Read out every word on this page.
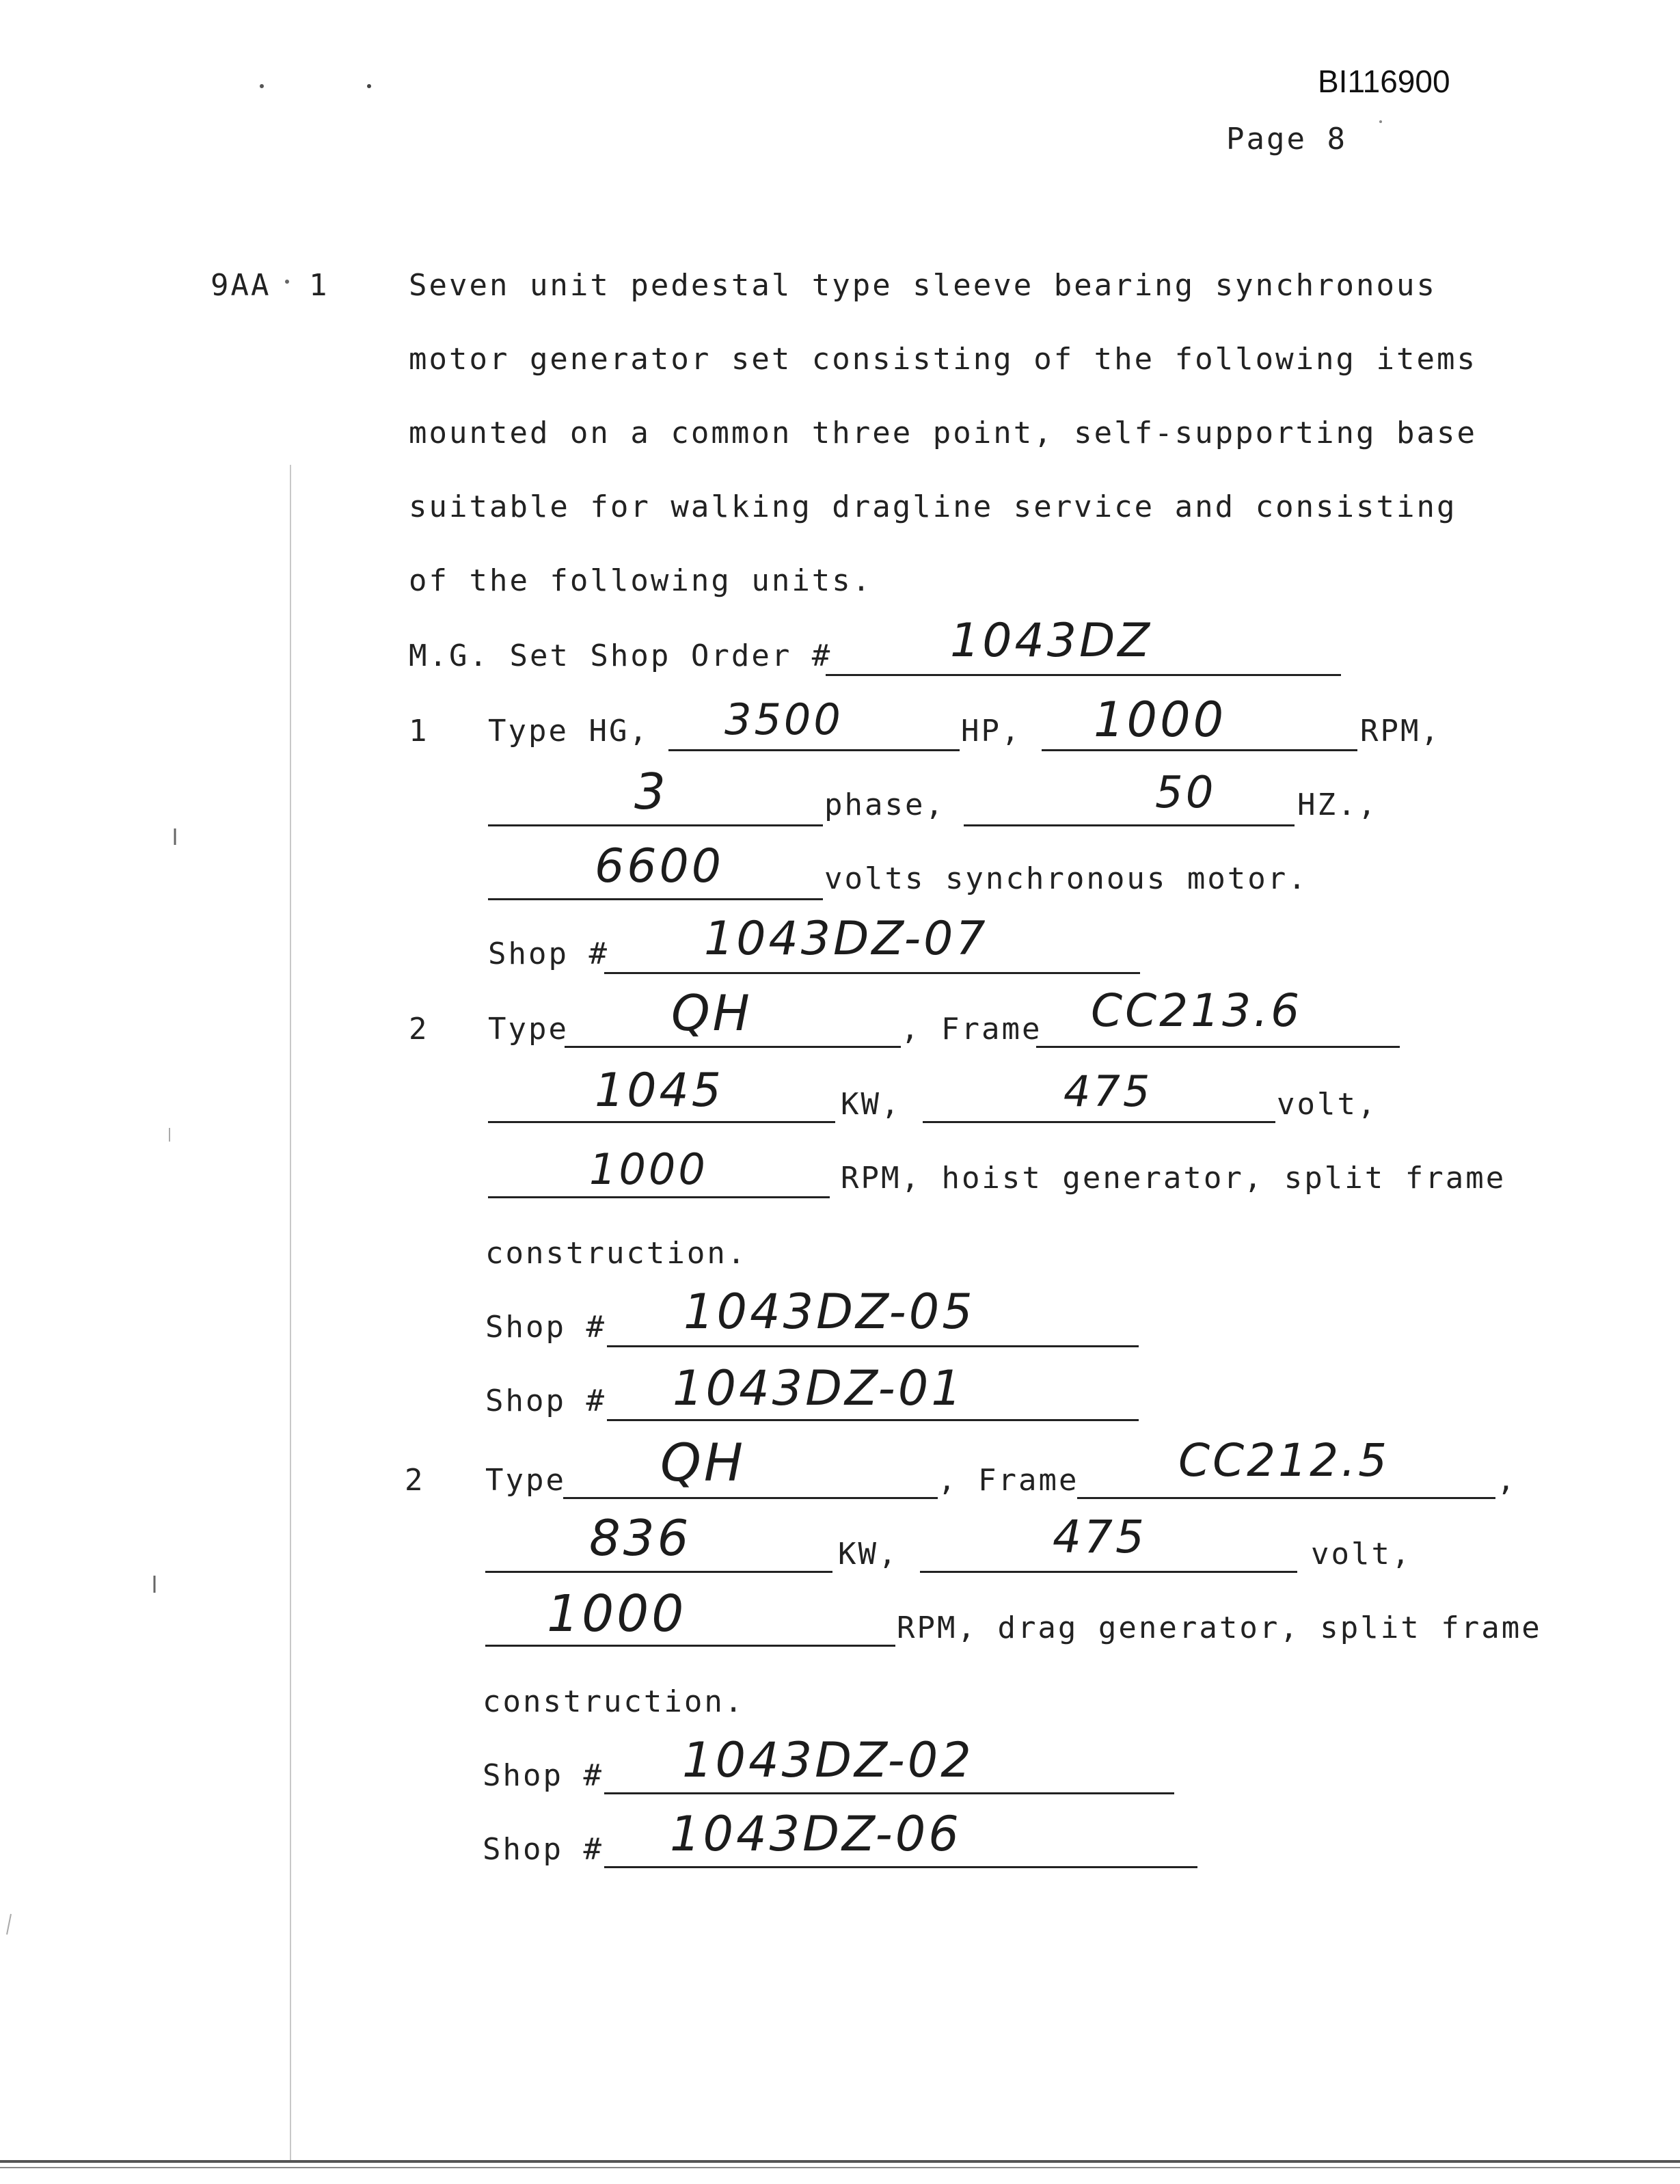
BI116900
Page 8
9AA 1	Seven unit pedestal type sleeve bearing synchronous
motor generator set consisting of the following items
mounted on a common three point, self-supporting base
suitable for walking dragline service and consisting
of the following units.
M.G. Set Shop Order #	1043DZ
1 Type HG, 3500	HP, 1000	RPM,
3	phase,	50	HZ.,
6600	volts synchronous motor.
Shop # 1043DZ-07
2 Type QH	, Frame CC213.6
1045	KW,	475	volt,
1000	RPM, hoist generator, split frame
construction.
Shop # 1043DZ-05
Shop # 1043DZ-01
2 Type QH	, Frame CC212.5	,
836	KW,	475	volt,
1000	RPM, drag generator, split frame
construction.
Shop # 1043DZ-02
Shop # 1043DZ-06
